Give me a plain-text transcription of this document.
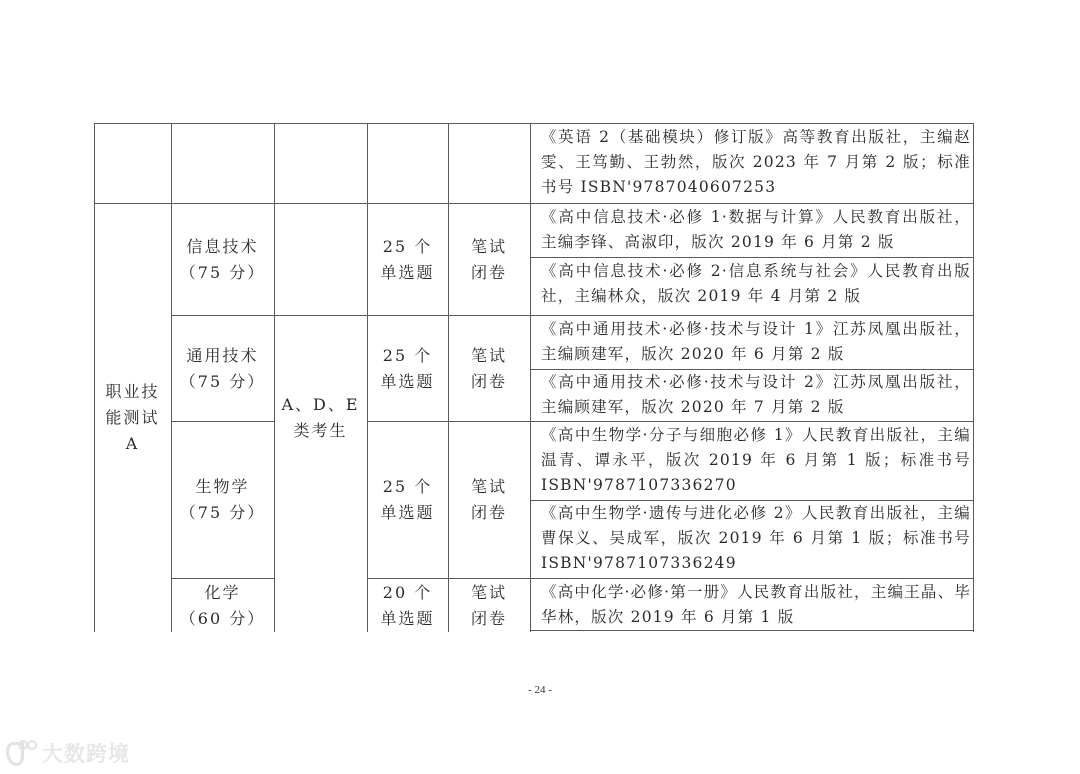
《英语 2（基础模块）修订版》高等教育出版社，主编赵雯、王笃勤、王勃然，版次 2023 年 7 月第 2 版；标准书号 ISBN'9787040607253
职业技
能测试
A
A、D、E
类考生
信息技术
（75 分）
25 个
单选题
笔试
闭卷
《高中信息技术·必修 1·数据与计算》人民教育出版社，主编李锋、高淑印，版次 2019 年 6 月第 2 版
《高中信息技术·必修 2·信息系统与社会》人民教育出版社，主编林众，版次 2019 年 4 月第 2 版
通用技术
（75 分）
25 个
单选题
笔试
闭卷
《高中通用技术·必修·技术与设计 1》江苏凤凰出版社，主编顾建军，版次 2020 年 6 月第 2 版
《高中通用技术·必修·技术与设计 2》江苏凤凰出版社，主编顾建军，版次 2020 年 7 月第 2 版
生物学
（75 分）
25 个
单选题
笔试
闭卷
《高中生物学·分子与细胞必修 1》人民教育出版社，主编温青、谭永平，版次 2019 年 6 月第 1 版；标准书号 ISBN'9787107336270
《高中生物学·遗传与进化必修 2》人民教育出版社，主编曹保义、吴成军，版次 2019 年 6 月第 1 版；标准书号 ISBN'9787107336249
化学
（60 分）
20 个
单选题
笔试
闭卷
《高中化学·必修·第一册》人民教育出版社，主编王晶、毕华林，版次 2019 年 6 月第 1 版
- 24 -
大数跨境
